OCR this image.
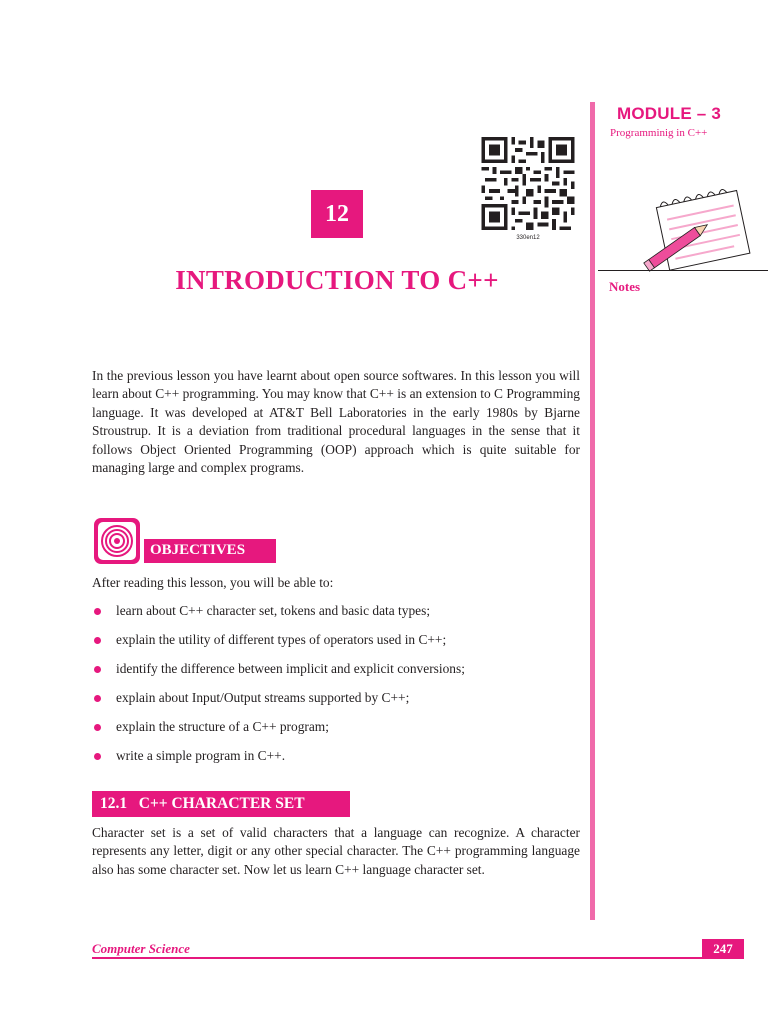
MODULE – 3
Programminig in C++
Notes
330en12
12
INTRODUCTION TO C++
In the previous lesson you have learnt about open source softwares. In this lesson you will learn about C++ programming. You may know that C++ is an extension to C Programming language. It was developed at AT&T Bell Laboratories in the early 1980s by Bjarne Stroustrup. It is a deviation from traditional procedural languages in the sense that it follows Object Oriented Programming (OOP) approach which is quite suitable for managing large and complex programs.
OBJECTIVES
After reading this lesson, you will be able to:
learn about C++ character set, tokens and basic data types;
explain the utility of different types of operators used in C++;
identify the difference between implicit and explicit conversions;
explain about Input/Output streams supported by C++;
explain the structure of a C++ program;
write a simple program in C++.
12.1   C++ CHARACTER SET
Character set is a set of valid characters that a language can recognize. A character represents any letter, digit or any other special character. The C++ programming language also has some character set. Now let us learn C++ language character set.
Computer Science	247
